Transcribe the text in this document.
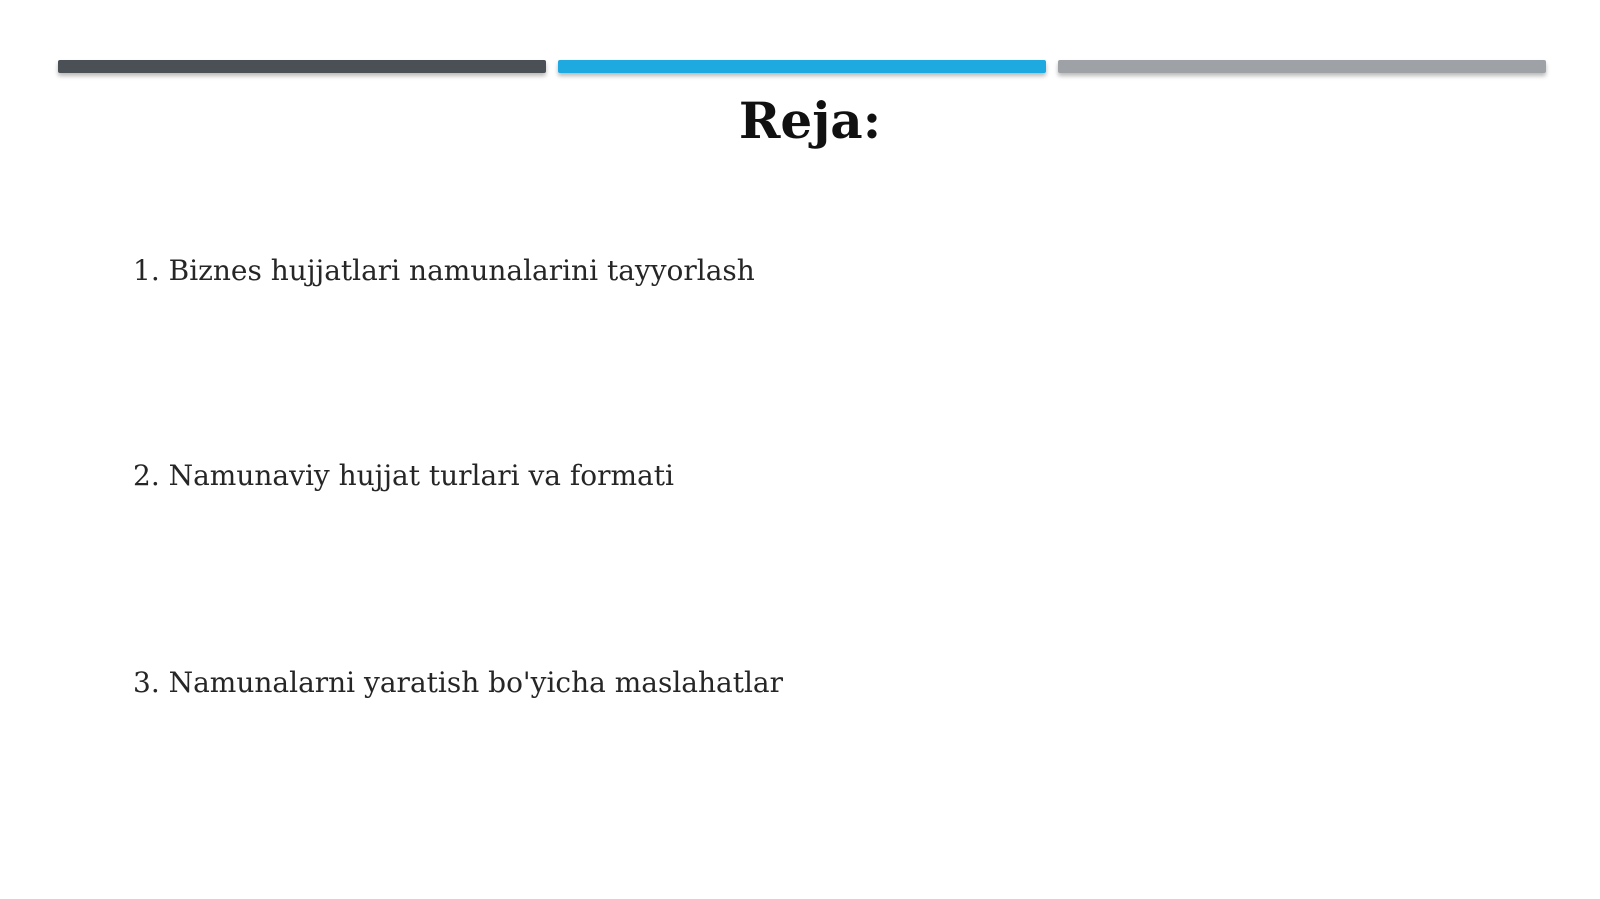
Reja:
1. Biznes hujjatlari namunalarini tayyorlash
2. Namunaviy hujjat turlari va formati
3. Namunalarni yaratish bo'yicha maslahatlar
